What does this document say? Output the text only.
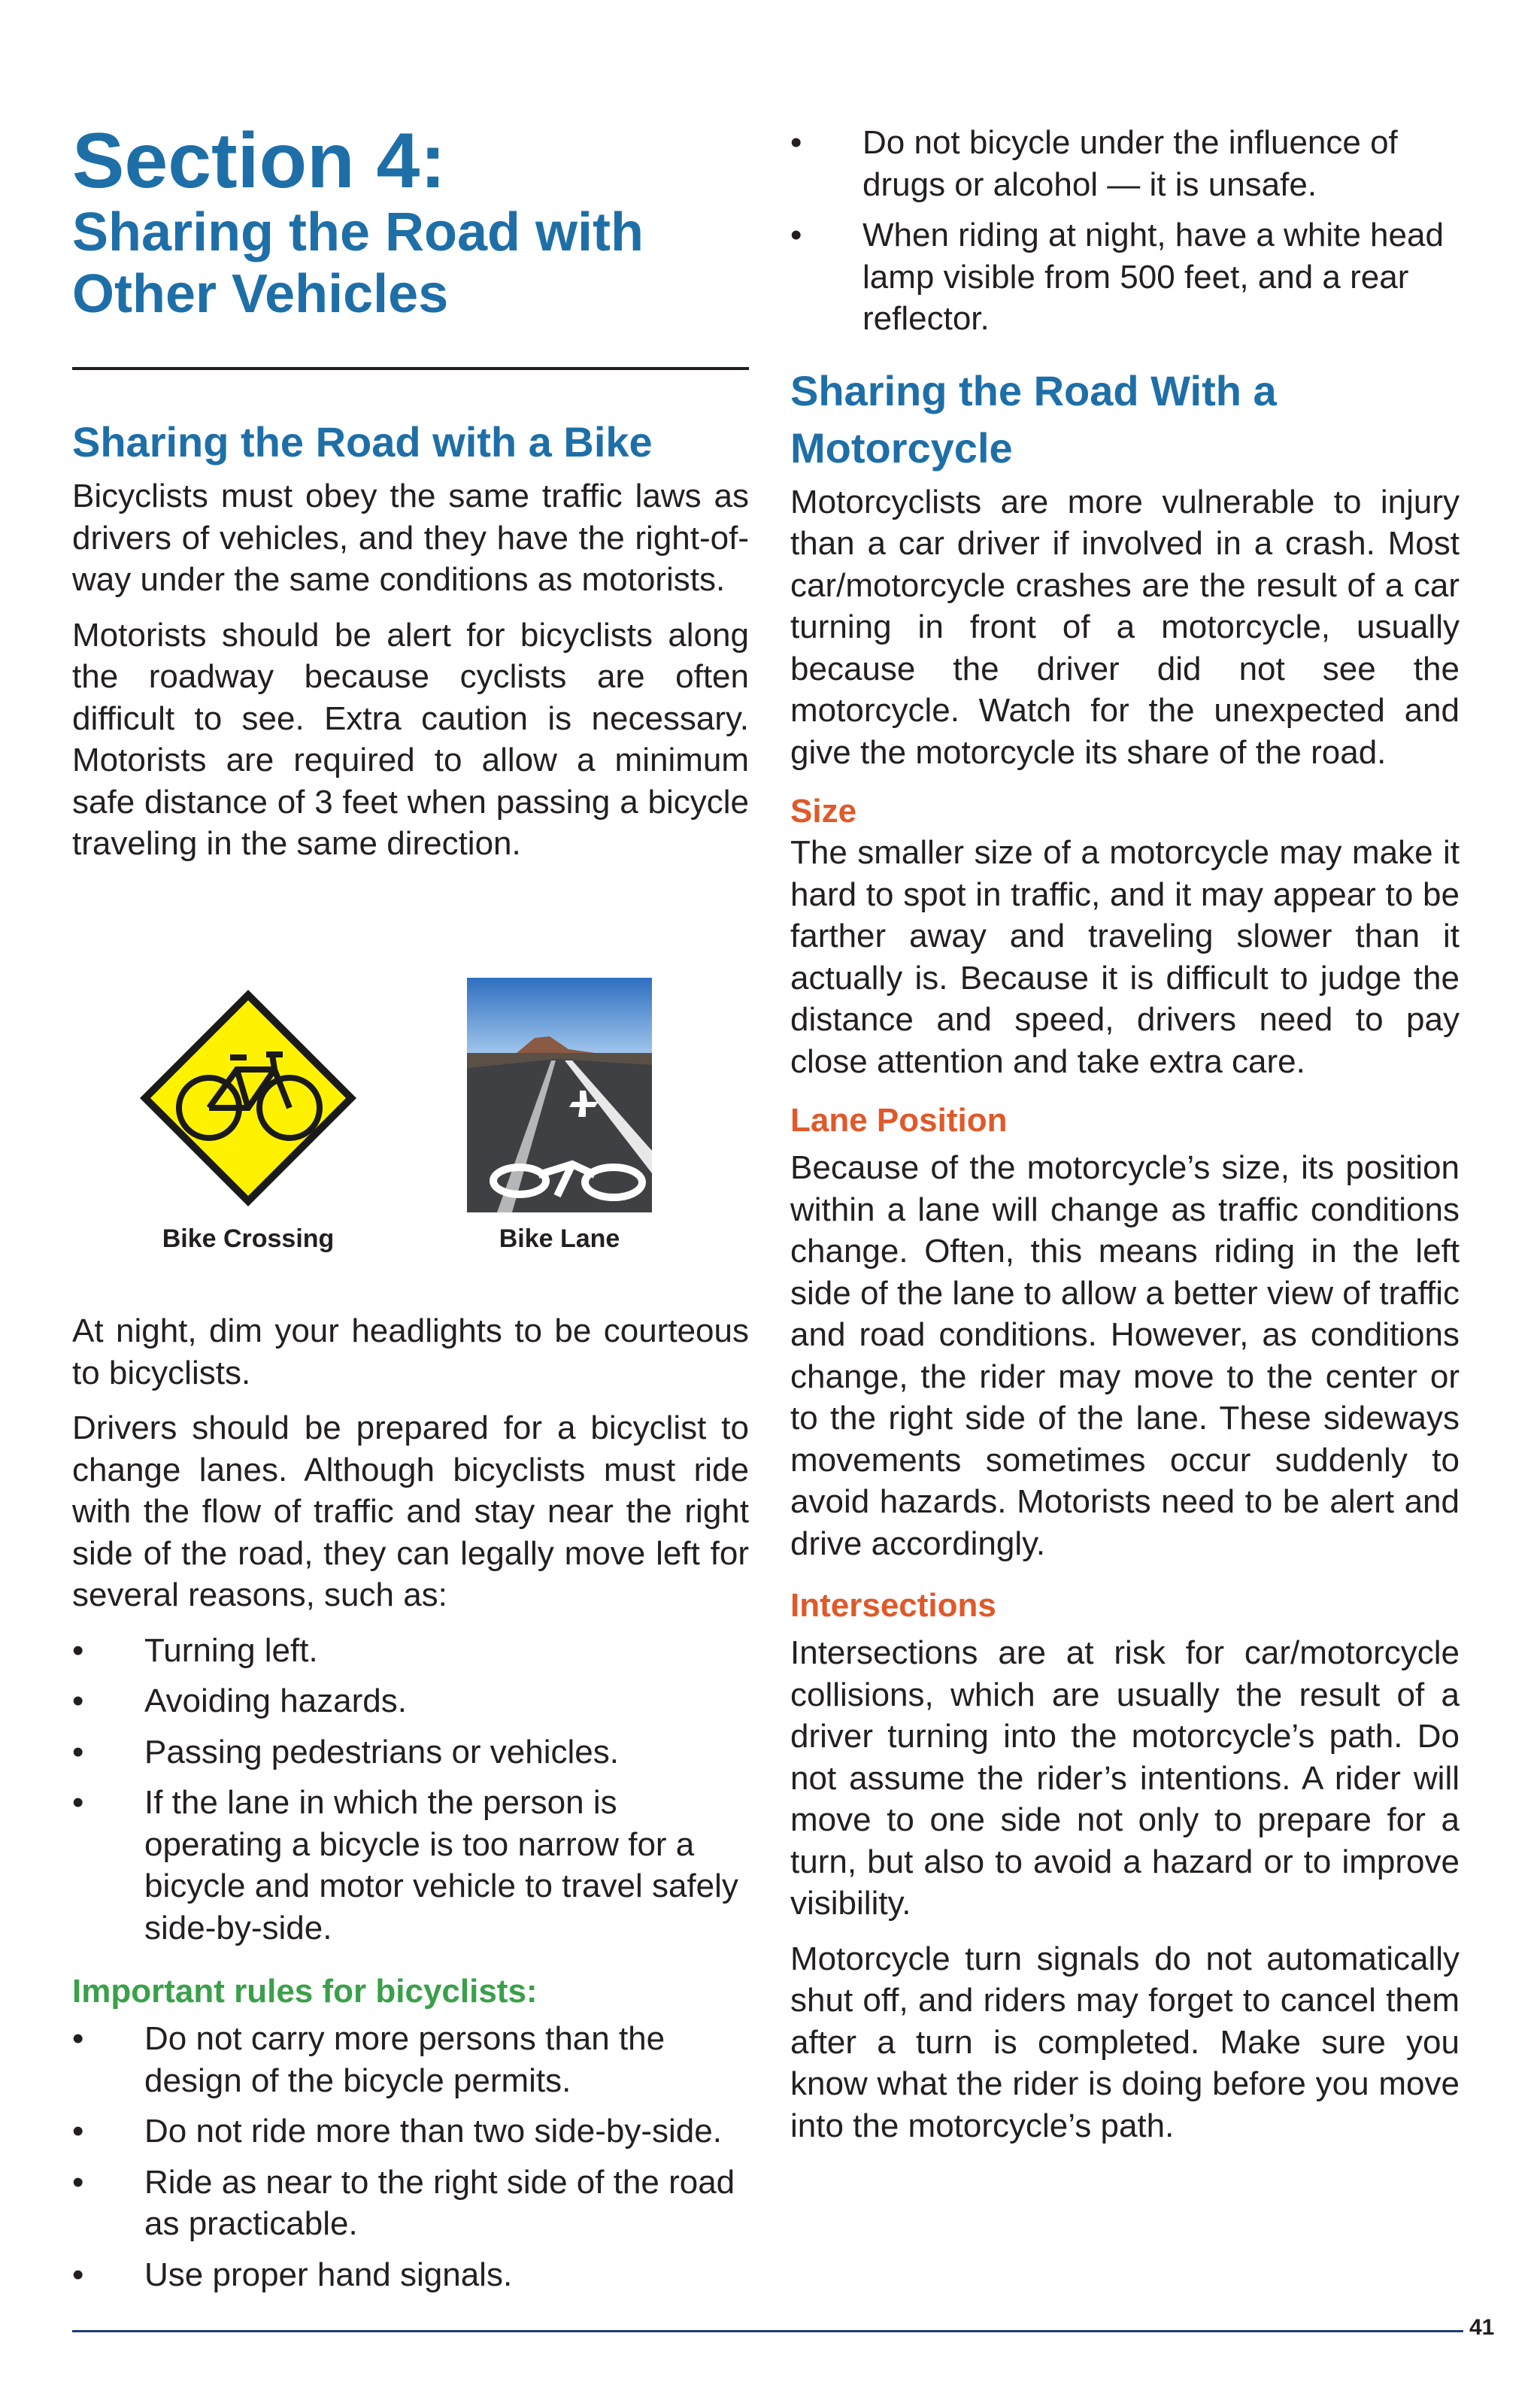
Section 4:
Sharing the Road with
Other Vehicles
Sharing the Road with a Bike

Bicyclists must obey the same traffic laws as drivers of vehicles, and they have the right-of-way under the same conditions as motorists.

Motorists should be alert for bicyclists along the roadway because cyclists are often difficult to see. Extra caution is necessary. Motorists are required to allow a minimum safe distance of 3 feet when passing a bicycle traveling in the same direction.

Bike Crossing	Bike Lane

At night, dim your headlights to be courteous to bicyclists.

Drivers should be prepared for a bicyclist to change lanes. Although bicyclists must ride with the flow of traffic and stay near the right side of the road, they can legally move left for several reasons, such as:

•	Turning left.
•	Avoiding hazards.
•	Passing pedestrians or vehicles.
•	If the lane in which the person is operating a bicycle is too narrow for a bicycle and motor vehicle to travel safely side-by-side.
Important rules for bicyclists:
•	Do not carry more persons than the design of the bicycle permits.
•	Do not ride more than two side-by-side.
•	Ride as near to the right side of the road as practicable.
•	Use proper hand signals.
•	Do not bicycle under the influence of drugs or alcohol — it is unsafe.
•	When riding at night, have a white head lamp visible from 500 feet, and a rear reflector.
Sharing the Road With a
Motorcycle

Motorcyclists are more vulnerable to injury than a car driver if involved in a crash. Most car/motorcycle crashes are the result of a car turning in front of a motorcycle, usually because the driver did not see the motorcycle. Watch for the unexpected and give the motorcycle its share of the road.

Size

The smaller size of a motorcycle may make it hard to spot in traffic, and it may appear to be farther away and traveling slower than it actually is. Because it is difficult to judge the distance and speed, drivers need to pay close attention and take extra care.

Lane Position

Because of the motorcycle’s size, its position within a lane will change as traffic conditions change. Often, this means riding in the left side of the lane to allow a better view of traffic and road conditions. However, as conditions change, the rider may move to the center or to the right side of the lane. These sideways movements sometimes occur suddenly to avoid hazards. Motorists need to be alert and drive accordingly.

Intersections

Intersections are at risk for car/motorcycle collisions, which are usually the result of a driver turning into the motorcycle’s path. Do not assume the rider’s intentions. A rider will move to one side not only to prepare for a turn, but also to avoid a hazard or to improve visibility.

Motorcycle turn signals do not automatically shut off, and riders may forget to cancel them after a turn is completed. Make sure you know what the rider is doing before you move into the motorcycle’s path.

41
